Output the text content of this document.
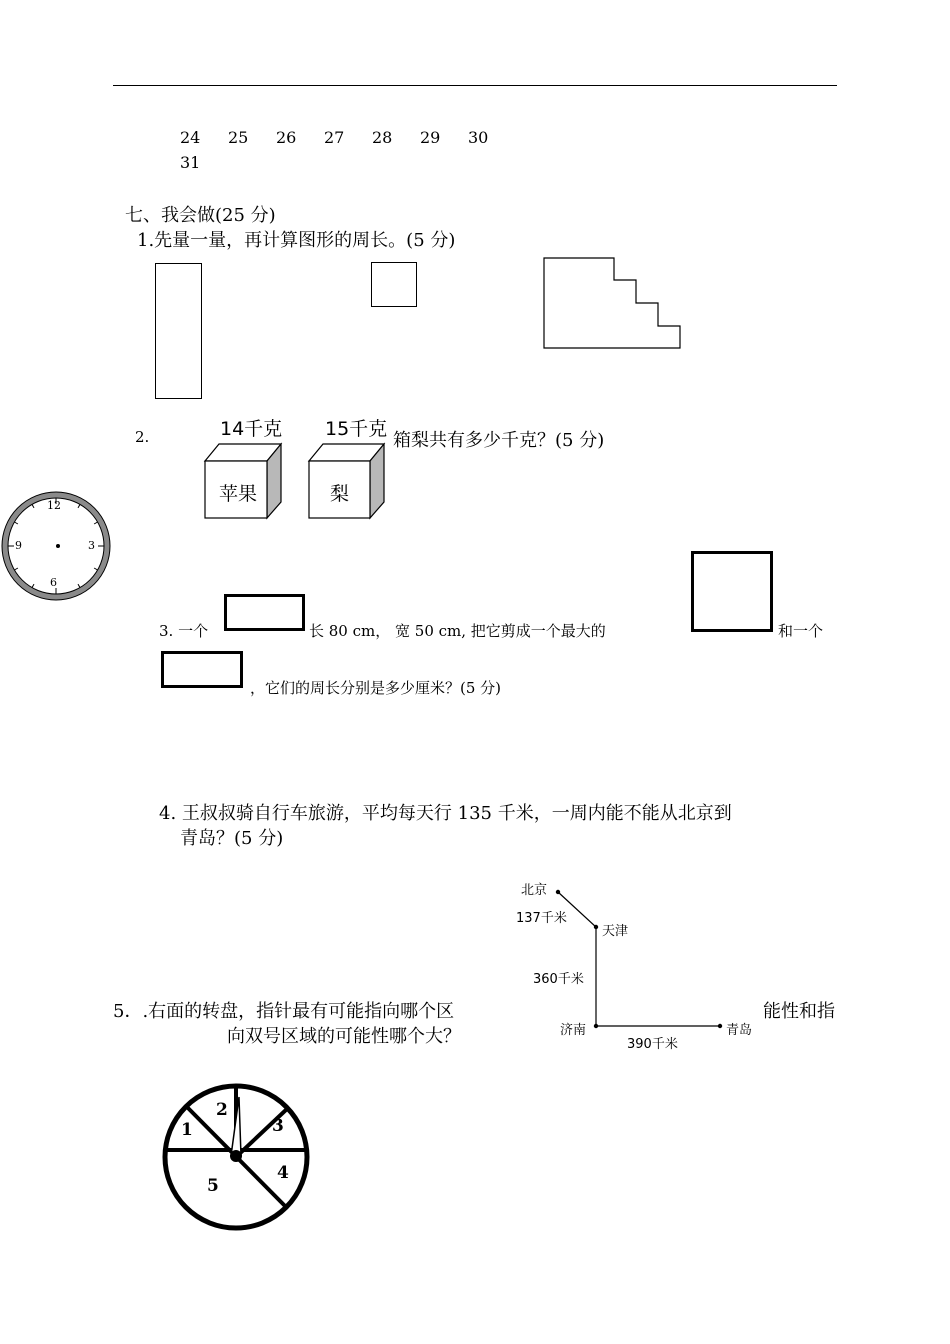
24 25 26 27 28 29 30
31
七、我会做(25 分)
1.先量一量，再计算图形的周长。(5 分)
2.	14千克 15千克
箱梨共有多少千克？(5 分)
苹果	梨
12
3
6
9
3. 一个	长 80 cm， 宽 50 cm, 把它剪成一个最大的	和一个
，它们的周长分别是多少厘米？(5 分)
4. 王叔叔骑自行车旅游，平均每天行 135 千米，一周内能不能从北京到
青岛？(5 分)
北京
137千米
天津
360千米
济南
390千米
青岛
5．.右面的转盘，指针最有可能指向哪个区	能性和指
向双号区域的可能性哪个大？
1
2
3
4
5
